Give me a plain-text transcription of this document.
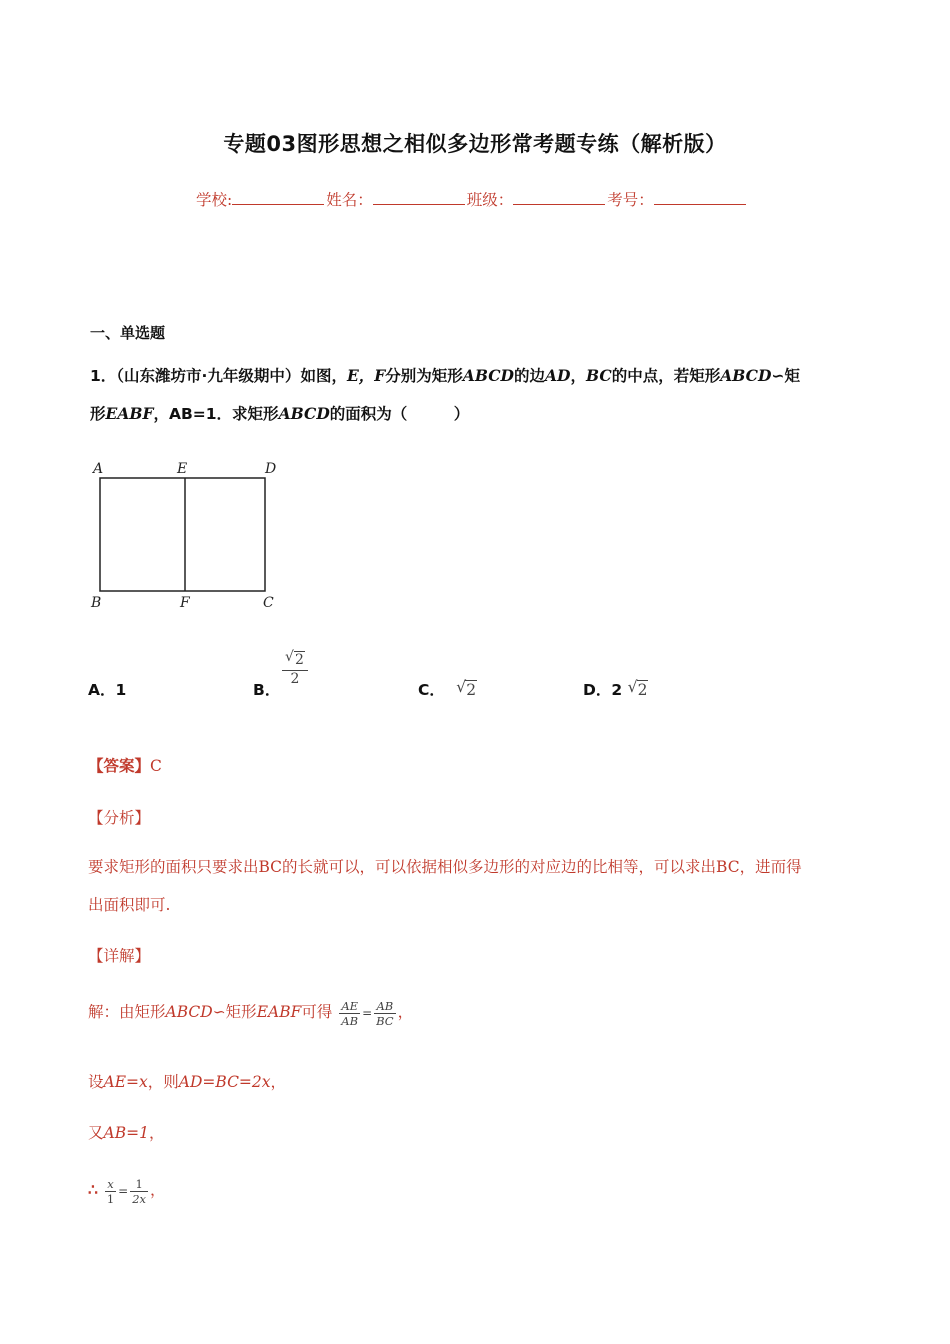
专题03图形思想之相似多边形常考题专练（解析版）
学校:	姓名：	班级：	考号：
一、单选题
1．（山东潍坊市·九年级期中）如图，E，F分别为矩形ABCD的边AD，BC的中点，若矩形ABCD∽矩
形EABF，AB=1．求矩形ABCD的面积为（　　　）
A	E	D
B	F	C
A．1	B．
√ 2
2
C． √ 2	D．2 √ 2
【答案】C
【分析】
要求矩形的面积只要求出BC的长就可以，可以依据相似多边形的对应边的比相等，可以求出BC，进而得
出面积即可.
【详解】
解：由矩形ABCD∽矩形EABF可得 $\frac{AE}{AB} = \frac{AB}{BC}$ ，
设AE=x，则AD=BC=2x，
又AB=1，
∴ $\frac{x}{1} = \frac{1}{2x}$ ，
